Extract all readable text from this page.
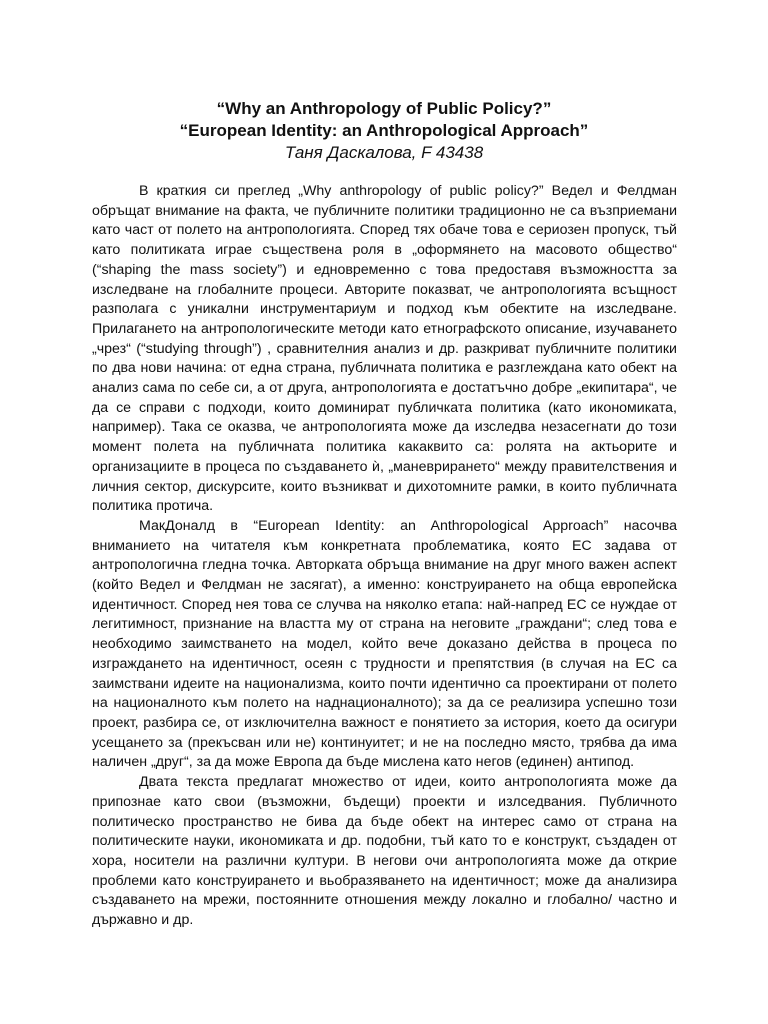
“Why an Anthropology of Public Policy?”

“European Identity: an Anthropological Approach”

Таня Даскалова, F 43438

В краткия си преглед „Why anthropology of public policy?” Ведел и Фелдман обръщат внимание на факта, че публичните политики традиционно не са възприемани като част от полето на антропологията. Според тях обаче това е сериозен пропуск, тъй като политиката играе съществена роля в „оформянето на масовото общество“ (“shaping the mass society”) и едновременно с това предоставя възможността за изследване на глобалните процеси. Авторите показват, че антропологията всъщност разполага с уникални инструментариум и подход към обектите на изследване. Прилагането на антропологическите методи като етнографското описание, изучаването „чрез“ (“studying through”) , сравнителния анализ и др. разкриват публичните политики по два нови начина: от една страна, публичната политика е разглеждана като обект на анализ сама по себе си, а от друга, антропологията е достатъчно добре „екипитара“, че да се справи с подходи, които доминират публичката политика (като икономиката, например). Така се оказва, че антропологията може да изследва незасегнати до този момент полета на публичната политика какаквито са: ролята на актьорите и организациите в процеса по създаването ѝ, „маневрирането“ между правителствения и личния сектор, дискурсите, които възникват и дихотомните рамки, в които публичната политика протича.

МакДоналд в “European Identity: an Anthropological Approach” насочва вниманието на читателя към конкретната проблематика, която ЕС задава от антропологична гледна точка. Авторката обръща внимание на друг много важен аспект (който Ведел и Фелдман не засягат), а именно: конструирането на обща европейска идентичност. Според нея това се случва на няколко етапа: най-напред ЕС се нуждае от легитимност, признание на властта му от страна на неговите „граждани“; след това е необходимо заимстването на модел, който вече доказано действа в процеса по изграждането на идентичност, осеян с трудности и препятствия (в случая на ЕС са заимствани идеите на национализма, които почти идентично са проектирани от полето на националното към полето на наднационалното); за да се реализира успешно този проект, разбира се, от изключителна важност е понятието за история, което да осигури усещането за (прекъсван или не) континуитет; и не на последно място, трябва да има наличен „друг“, за да може Европа да бъде мислена като негов (единен) антипод.

Двата текста предлагат множество от идеи, които антропологията може да припознае като свои (възможни, бъдещи) проекти и излседвания. Публичното политическо пространство не бива да бъде обект на интерес само от страна на политическите науки, икономиката и др. подобни, тъй като то е конструкт, създаден от хора, носители на различни култури. В негови очи антропологията може да открие проблеми като конструирането и вьобразяването на идентичност; може да анализира създаването на мрежи, постоянните отношения между локално и глобално/ частно и държавно и др.
